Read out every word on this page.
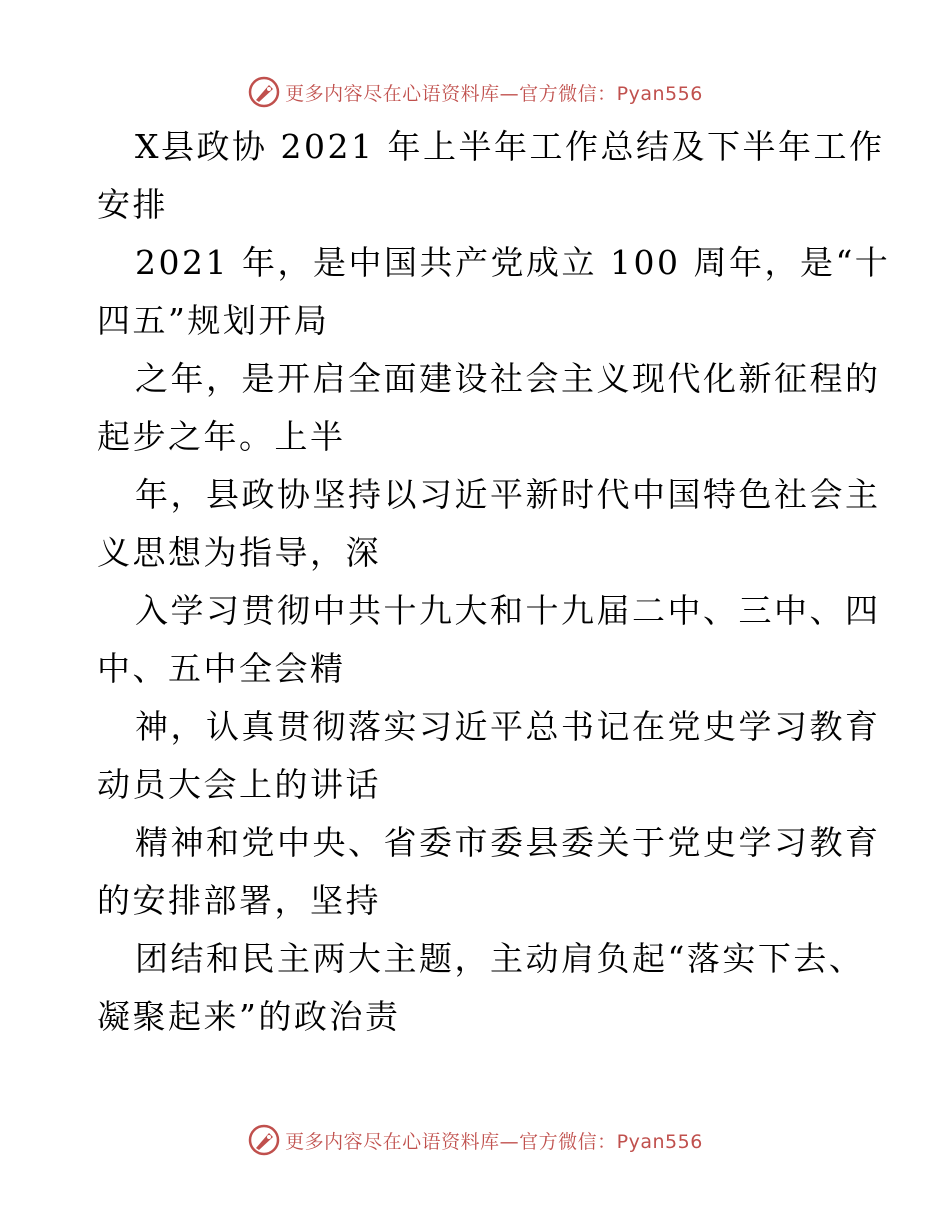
更多内容尽在心语资料库—官方微信：Pyan556

X县政协 2021 年上半年工作总结及下半年工作
安排

2021 年，是中国共产党成立 100 周年，是“十
四五”规划开局

之年，是开启全面建设社会主义现代化新征程的
起步之年。上半

年，县政协坚持以习近平新时代中国特色社会主
义思想为指导，深

入学习贯彻中共十九大和十九届二中、三中、四
中、五中全会精

神，认真贯彻落实习近平总书记在党史学习教育
动员大会上的讲话

精神和党中央、省委市委县委关于党史学习教育
的安排部署，坚持

团结和民主两大主题，主动肩负起“落实下去、
凝聚起来”的政治责

更多内容尽在心语资料库—官方微信：Pyan556
